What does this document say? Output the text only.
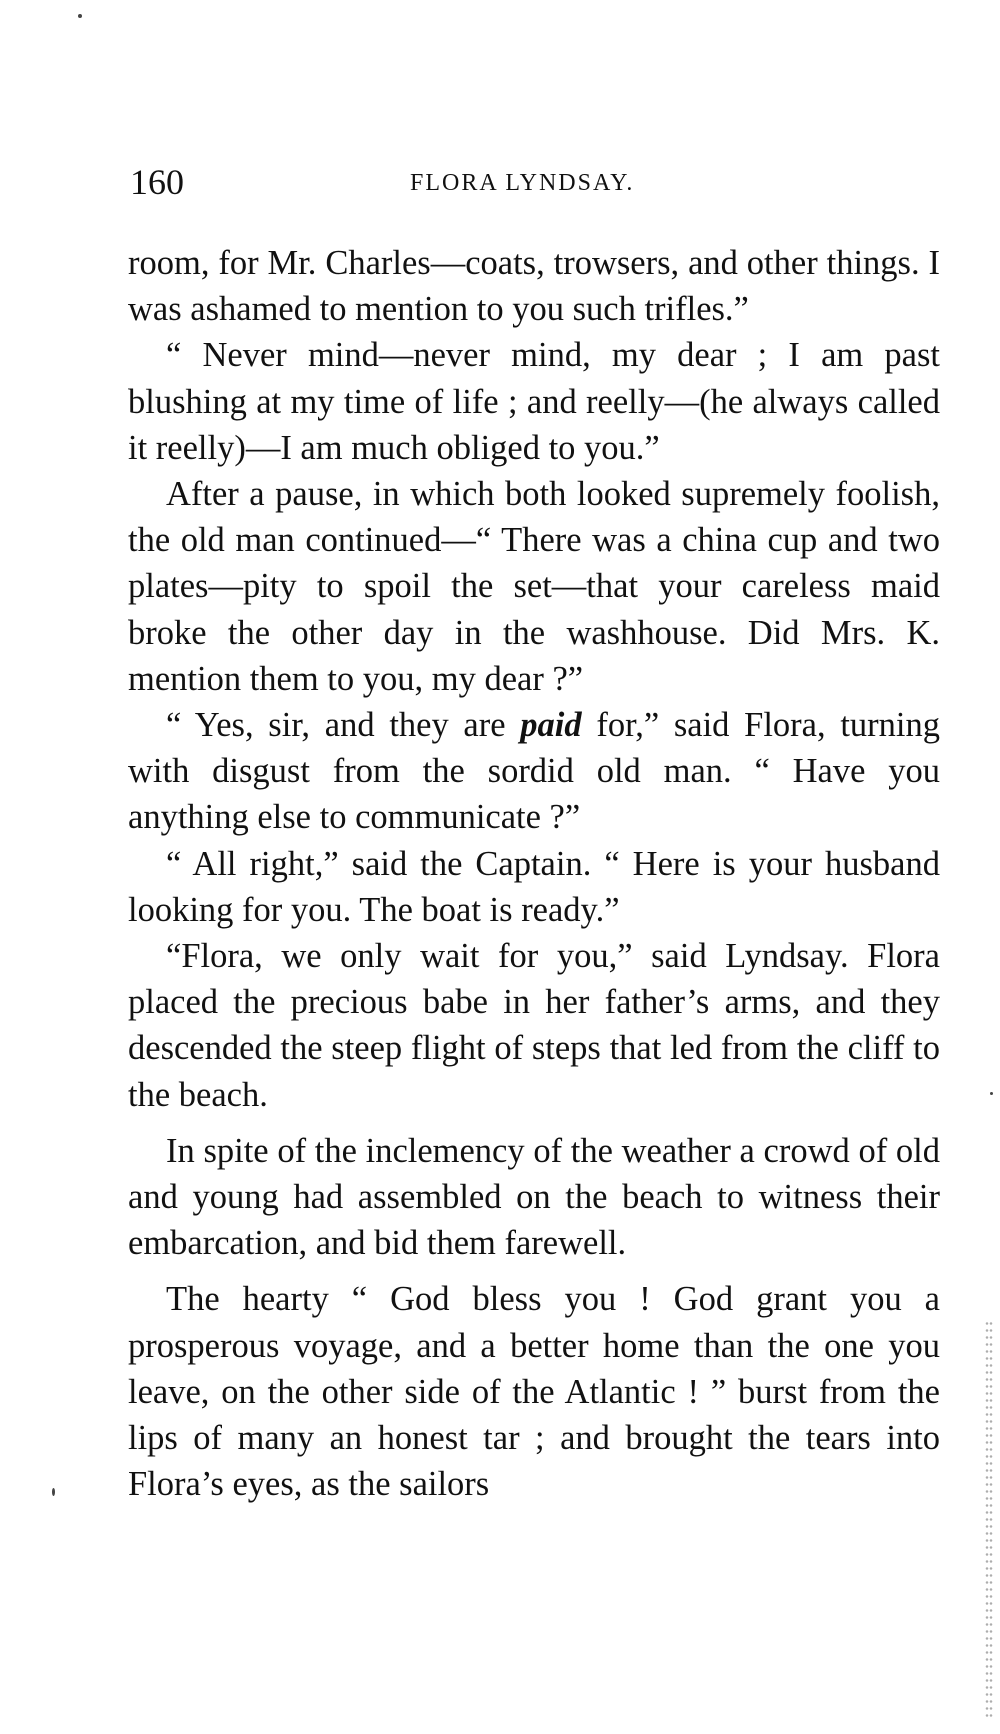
160	FLORA LYNDSAY.

room, for Mr. Charles—coats, trowsers, and other things. I was ashamed to mention to you such trifles.”

“ Never mind—never mind, my dear ; I am past blushing at my time of life ; and reelly—(he always called it reelly)—I am much obliged to you.”

After a pause, in which both looked supremely foolish, the old man continued—“ There was a china cup and two plates—pity to spoil the set—that your careless maid broke the other day in the washhouse. Did Mrs. K. mention them to you, my dear ?”

“ Yes, sir, and they are paid for,” said Flora, turning with disgust from the sordid old man. “ Have you anything else to communicate ?”

“ All right,” said the Captain. “ Here is your husband looking for you. The boat is ready.”

“Flora, we only wait for you,” said Lyndsay. Flora placed the precious babe in her father’s arms, and they descended the steep flight of steps that led from the cliff to the beach.

In spite of the inclemency of the weather a crowd of old and young had assembled on the beach to witness their embarcation, and bid them farewell.

The hearty “ God bless you ! God grant you a prosperous voyage, and a better home than the one you leave, on the other side of the Atlantic ! ” burst from the lips of many an honest tar ; and brought the tears into Flora’s eyes, as the sailors
